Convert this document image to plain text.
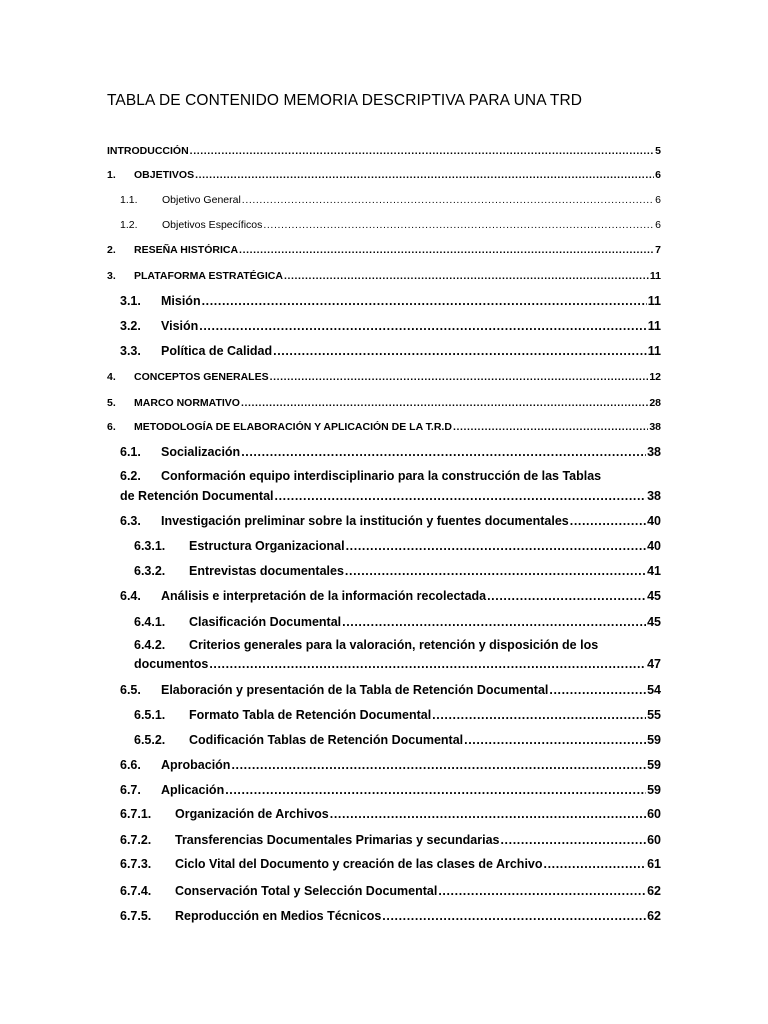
TABLA DE CONTENIDO MEMORIA DESCRIPTIVA PARA UNA TRD
INTRODUCCIÓN .....	5
1.	OBJETIVOS .....	6
1.1.	Objetivo General .....	6
1.2.	Objetivos Específicos .....	6
2.	RESEÑA HISTÓRICA .....	7
3.	PLATAFORMA ESTRATÉGICA .....	11
3.1.	Misión .....	11
3.2.	Visión .....	11
3.3.	Política de Calidad .....	11
4.	CONCEPTOS GENERALES .....	12
5.	MARCO NORMATIVO .....	28
6.	METODOLOGÍA DE ELABORACIÓN Y APLICACIÓN DE LA T.R.D .....	38
6.1.	Socialización .....	38
6.2. Conformación equipo interdisciplinario para la construcción de las Tablas
de Retención Documental .....	38
6.3.	Investigación preliminar sobre la institución y fuentes documentales .....	40
6.3.1.	Estructura Organizacional .....	40
6.3.2.	Entrevistas documentales .....	41
6.4.	Análisis e interpretación de la información recolectada .....	45
6.4.1.	Clasificación Documental .....	45
6.4.2. Criterios generales para la valoración, retención y disposición de los
documentos .....	47
6.5.	Elaboración y presentación de la Tabla de Retención Documental .....	54
6.5.1.	Formato Tabla de Retención Documental .....	55
6.5.2.	Codificación Tablas de Retención Documental .....	59
6.6.	Aprobación .....	59
6.7.	Aplicación .....	59
6.7.1.	Organización de Archivos .....	60
6.7.2.	Transferencias Documentales Primarias y secundarias .....	60
6.7.3.	Ciclo Vital del Documento y creación de las clases de Archivo .....	61
6.7.4.	Conservación Total y Selección Documental .....	62
6.7.5.	Reproducción en Medios Técnicos .....	62
